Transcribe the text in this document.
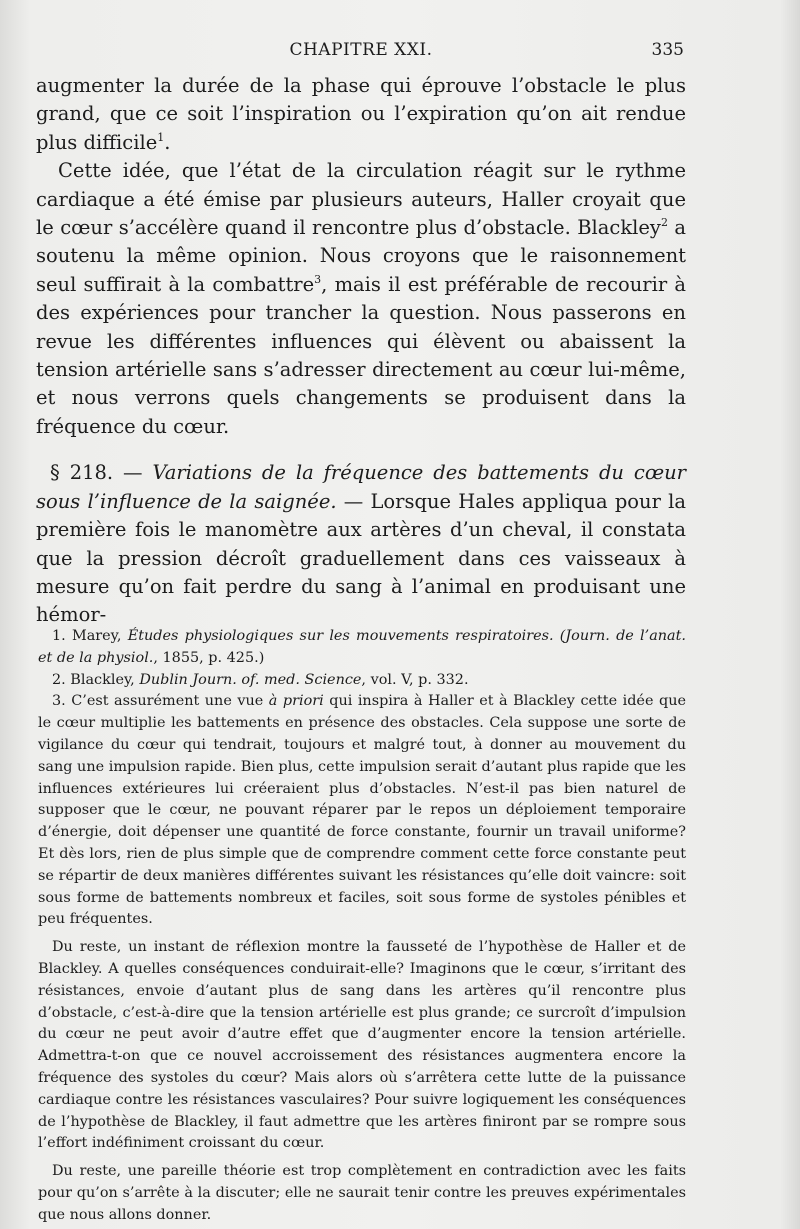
CHAPITRE XXI.	335

augmenter la durée de la phase qui éprouve l’obstacle le plus grand, que ce soit l’inspiration ou l’expiration qu’on ait rendue plus difficile$^1$.

Cette idée, que l’état de la circulation réagit sur le rythme cardiaque a été émise par plusieurs auteurs, Haller croyait que le cœur s’accélère quand il rencontre plus d’obstacle. Blackley$^2$ a soutenu la même opinion. Nous croyons que le raisonnement seul suffirait à la combattre$^3$, mais il est préférable de recourir à des expériences pour trancher la question. Nous passerons en revue les différentes influences qui élèvent ou abaissent la tension artérielle sans s’adresser directement au cœur lui-même, et nous verrons quels changements se produisent dans la fréquence du cœur.

§ 218. — Variations de la fréquence des battements du cœur sous l’influence de la saignée. — Lorsque Hales appliqua pour la première fois le manomètre aux artères d’un cheval, il constata que la pression décroît graduellement dans ces vaisseaux à mesure qu’on fait perdre du sang à l’animal en produisant une hémor-

1. Marey, Études physiologiques sur les mouvements respiratoires. (Journ. de l’anat. et de la physiol., 1855, p. 425.)

2. Blackley, Dublin Journ. of. med. Science, vol. V, p. 332.

3. C’est assurément une vue à priori qui inspira à Haller et à Blackley cette idée que le cœur multiplie les battements en présence des obstacles. Cela suppose une sorte de vigilance du cœur qui tendrait, toujours et malgré tout, à donner au mouvement du sang une impulsion rapide. Bien plus, cette impulsion serait d’autant plus rapide que les influences extérieures lui créeraient plus d’obstacles. N’est-il pas bien naturel de supposer que le cœur, ne pouvant réparer par le repos un déploiement temporaire d’énergie, doit dépenser une quantité de force constante, fournir un travail uniforme? Et dès lors, rien de plus simple que de comprendre comment cette force constante peut se répartir de deux manières différentes suivant les résistances qu’elle doit vaincre: soit sous forme de battements nombreux et faciles, soit sous forme de systoles pénibles et peu fréquentes.

Du reste, un instant de réflexion montre la fausseté de l’hypothèse de Haller et de Blackley. A quelles conséquences conduirait-elle? Imaginons que le cœur, s’irritant des résistances, envoie d’autant plus de sang dans les artères qu’il rencontre plus d’obstacle, c’est-à-dire que la tension artérielle est plus grande; ce surcroît d’impulsion du cœur ne peut avoir d’autre effet que d’augmenter encore la tension artérielle. Admettra-t-on que ce nouvel accroissement des résistances augmentera encore la fréquence des systoles du cœur? Mais alors où s’arrêtera cette lutte de la puissance cardiaque contre les résistances vasculaires? Pour suivre logiquement les conséquences de l’hypothèse de Blackley, il faut admettre que les artères finiront par se rompre sous l’effort indéfiniment croissant du cœur.

Du reste, une pareille théorie est trop complètement en contradiction avec les faits pour qu’on s’arrête à la discuter; elle ne saurait tenir contre les preuves expérimentales que nous allons donner.
